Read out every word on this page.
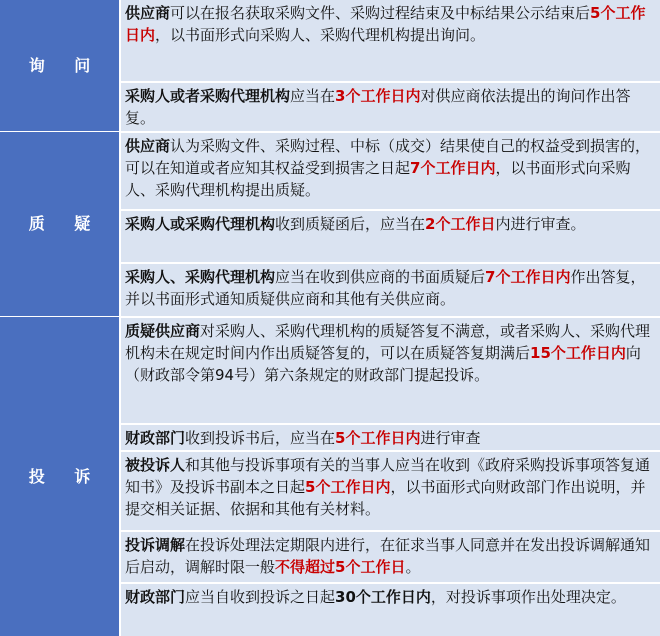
询 问
质 疑
投 诉
供应商可以在报名获取采购文件、采购过程结束及中标结果公示结束后5个工作日内，以书面形式向采购人、采购代理机构提出询问。
采购人或者采购代理机构应当在3个工作日内对供应商依法提出的询问作出答复。
供应商认为采购文件、采购过程、中标（成交）结果使自己的权益受到损害的，可以在知道或者应知其权益受到损害之日起7个工作日内，以书面形式向采购人、采购代理机构提出质疑。
采购人或采购代理机构收到质疑函后，应当在2个工作日内进行审查。
采购人、采购代理机构应当在收到供应商的书面质疑后7个工作日内作出答复，并以书面形式通知质疑供应商和其他有关供应商。
质疑供应商对采购人、采购代理机构的质疑答复不满意，或者采购人、采购代理机构未在规定时间内作出质疑答复的，可以在质疑答复期满后15个工作日内向（财政部令第94号）第六条规定的财政部门提起投诉。
财政部门收到投诉书后，应当在5个工作日内进行审查
被投诉人和其他与投诉事项有关的当事人应当在收到《政府采购投诉事项答复通知书》及投诉书副本之日起5个工作日内，以书面形式向财政部门作出说明，并提交相关证据、依据和其他有关材料。
投诉调解在投诉处理法定期限内进行，在征求当事人同意并在发出投诉调解通知后启动，调解时限一般不得超过5个工作日。
财政部门应当自收到投诉之日起30个工作日内，对投诉事项作出处理决定。
